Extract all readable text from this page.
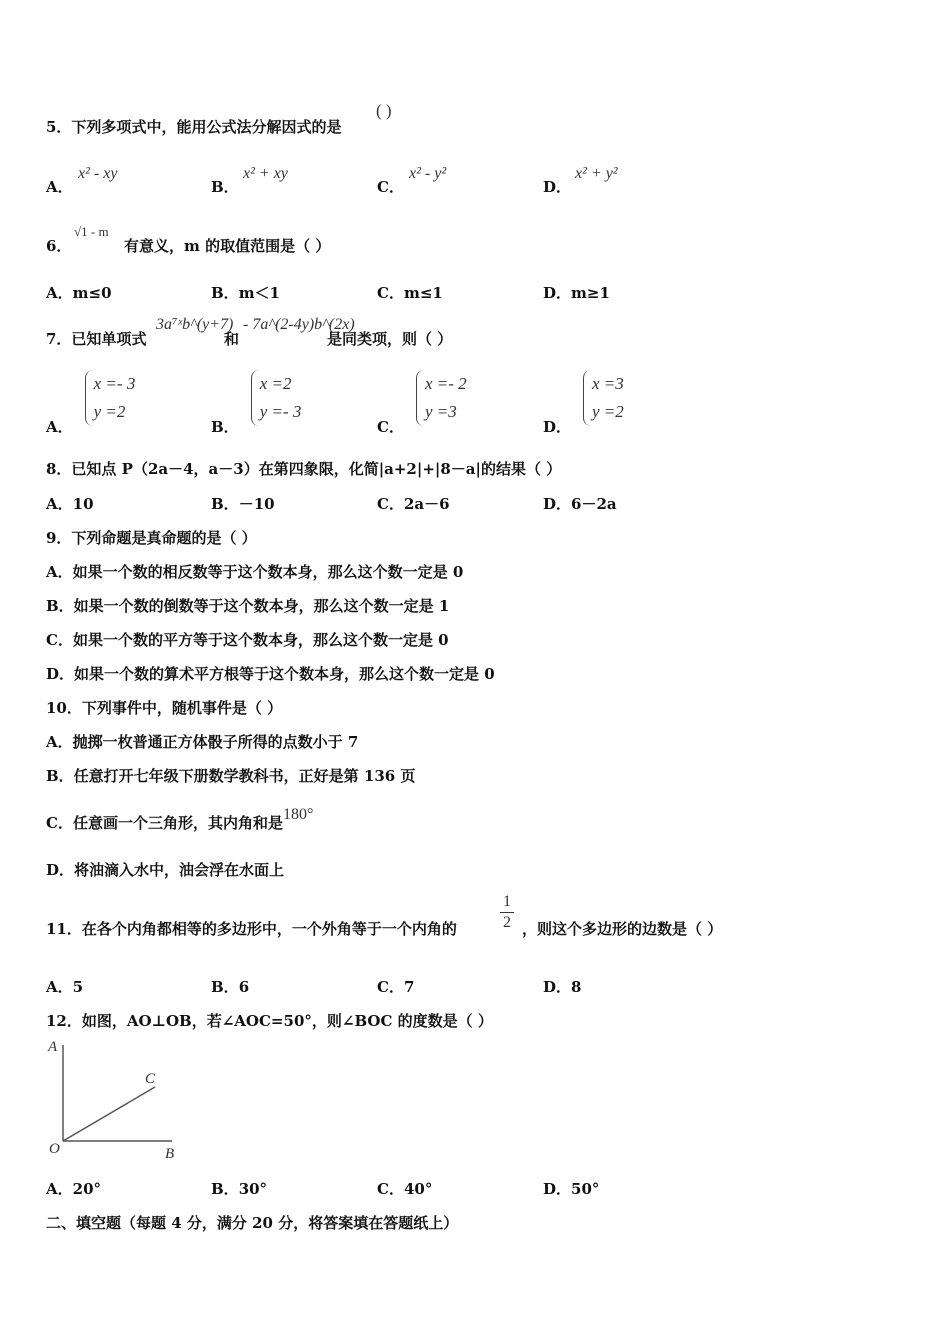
5．下列多项式中，能用公式法分解因式的是
( )
A．
x² - xy
B．
x² + xy
C．
x² - y²
D．
x² + y²
6．
√1 - m
有意义，m 的取值范围是（ ）
A．m≤0	B．m＜1	C．m≤1	D．m≥1
7．已知单项式
3a⁷ˣb^(y+7)
和
- 7a^(2-4y)b^(2x)
是同类项，则（ ）
A．
x =- 3
y =2
B．
x =2
y =- 3
C．
x =- 2
y =3
D．
x =3
y =2
8．已知点 P（2a－4，a－3）在第四象限，化简|a+2|+|8－a|的结果（ ）
A．10	B．－10	C．2a－6	D．6－2a
9．下列命题是真命题的是（ ）
A．如果一个数的相反数等于这个数本身，那么这个数一定是 0
B．如果一个数的倒数等于这个数本身，那么这个数一定是 1
C．如果一个数的平方等于这个数本身，那么这个数一定是 0
D．如果一个数的算术平方根等于这个数本身，那么这个数一定是 0
10．下列事件中，随机事件是（ ）
A．抛掷一枚普通正方体骰子所得的点数小于 7
B．任意打开七年级下册数学教科书，正好是第 136 页
C．任意画一个三角形，其内角和是180°
D．将油滴入水中，油会浮在水面上
11．在各个内角都相等的多边形中，一个外角等于一个内角的
1
2 ，则这个多边形的边数是（ ）
A．5	B．6	C．7	D．8
12．如图，AO⊥OB，若∠AOC=50°，则∠BOC 的度数是（ ）
A
C
O	B
A．20°	B．30°	C．40°	D．50°
二、填空题（每题 4 分，满分 20 分，将答案填在答题纸上）
